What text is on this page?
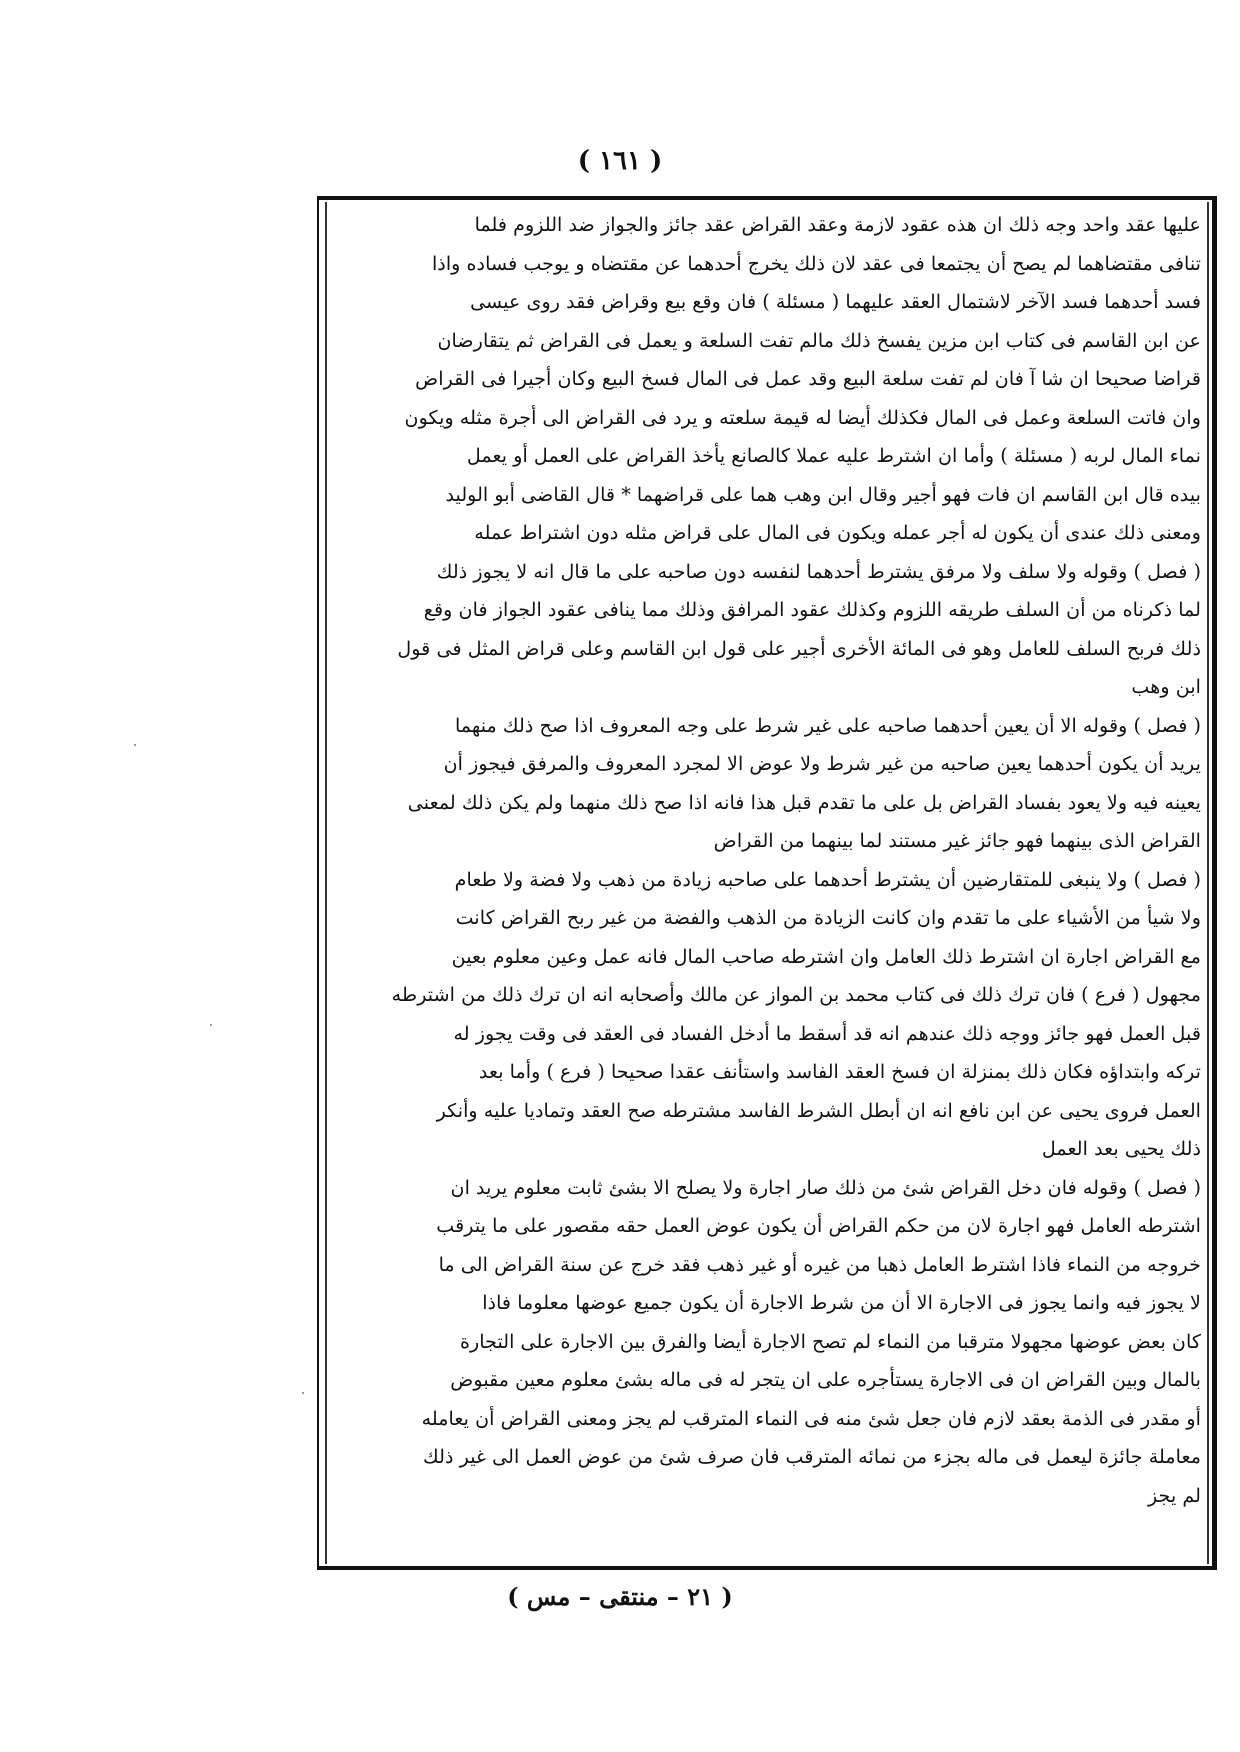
( ١٦١ )
عليها عقد واحد وجه ذلك ان هذه عقود لازمة وعقد القراض عقد جائز والجواز ضد اللزوم فلما
تنافى مقتضاهما لم يصح أن يجتمعا فى عقد لان ذلك يخرج أحدهما عن مقتضاه و يوجب فساده واذا
فسد أحدهما فسد الآخر لاشتمال العقد عليهما ( مسئلة ) فان وقع بيع وقراض فقد روى عيسى
عن ابن القاسم فى كتاب ابن مزين يفسخ ذلك مالم تفت السلعة و يعمل فى القراض ثم يتقارضان
قراضا صحيحا ان شا آ فان لم تفت سلعة البيع وقد عمل فى المال فسخ البيع وكان أجيرا فى القراض
وان فاتت السلعة وعمل فى المال فكذلك أيضا له قيمة سلعته و يرد فى القراض الى أجرة مثله ويكون
نماء المال لربه ( مسئلة ) وأما ان اشترط عليه عملا كالصانع يأخذ القراض على العمل أو يعمل
بيده قال ابن القاسم ان فات فهو أجير وقال ابن وهب هما على قراضهما * قال القاضى أبو الوليد
ومعنى ذلك عندى أن يكون له أجر عمله ويكون فى المال على قراض مثله دون اشتراط عمله
( فصل ) وقوله ولا سلف ولا مرفق يشترط أحدهما لنفسه دون صاحبه على ما قال انه لا يجوز ذلك
لما ذكرناه من أن السلف طريقه اللزوم وكذلك عقود المرافق وذلك مما ينافى عقود الجواز فان وقع
ذلك فربح السلف للعامل وهو فى المائة الأخرى أجير على قول ابن القاسم وعلى قراض المثل فى قول
ابن وهب
( فصل ) وقوله الا أن يعين أحدهما صاحبه على غير شرط على وجه المعروف اذا صح ذلك منهما
يريد أن يكون أحدهما يعين صاحبه من غير شرط ولا عوض الا لمجرد المعروف والمرفق فيجوز أن
يعينه فيه ولا يعود بفساد القراض بل على ما تقدم قبل هذا فانه اذا صح ذلك منهما ولم يكن ذلك لمعنى
القراض الذى بينهما فهو جائز غير مستند لما بينهما من القراض
( فصل ) ولا ينبغى للمتقارضين أن يشترط أحدهما على صاحبه زيادة من ذهب ولا فضة ولا طعام
ولا شيأ من الأشياء على ما تقدم وان كانت الزيادة من الذهب والفضة من غير ربح القراض كانت
مع القراض اجارة ان اشترط ذلك العامل وان اشترطه صاحب المال فانه عمل وعين معلوم بعين
مجهول ( فرع ) فان ترك ذلك فى كتاب محمد بن المواز عن مالك وأصحابه انه ان ترك ذلك من اشترطه
قبل العمل فهو جائز ووجه ذلك عندهم انه قد أسقط ما أدخل الفساد فى العقد فى وقت يجوز له
تركه وابتداؤه فكان ذلك بمنزلة ان فسخ العقد الفاسد واستأنف عقدا صحيحا ( فرع ) وأما بعد
العمل فروى يحيى عن ابن نافع انه ان أبطل الشرط الفاسد مشترطه صح العقد وتماديا عليه وأنكر
ذلك يحيى بعد العمل
( فصل ) وقوله فان دخل القراض شئ من ذلك صار اجارة ولا يصلح الا بشئ ثابت معلوم يريد ان
اشترطه العامل فهو اجارة لان من حكم القراض أن يكون عوض العمل حقه مقصور على ما يترقب
خروجه من النماء فاذا اشترط العامل ذهبا من غيره أو غير ذهب فقد خرج عن سنة القراض الى ما
لا يجوز فيه وانما يجوز فى الاجارة الا أن من شرط الاجارة أن يكون جميع عوضها معلوما فاذا
كان بعض عوضها مجهولا مترقبا من النماء لم تصح الاجارة أيضا والفرق بين الاجارة على التجارة
بالمال وبين القراض ان فى الاجارة يستأجره على ان يتجر له فى ماله بشئ معلوم معين مقبوض
أو مقدر فى الذمة بعقد لازم فان جعل شئ منه فى النماء المترقب لم يجز ومعنى القراض أن يعامله
معاملة جائزة ليعمل فى ماله بجزء من نمائه المترقب فان صرف شئ من عوض العمل الى غير ذلك
لم يجز
( ٢١ – منتقى – مس )
